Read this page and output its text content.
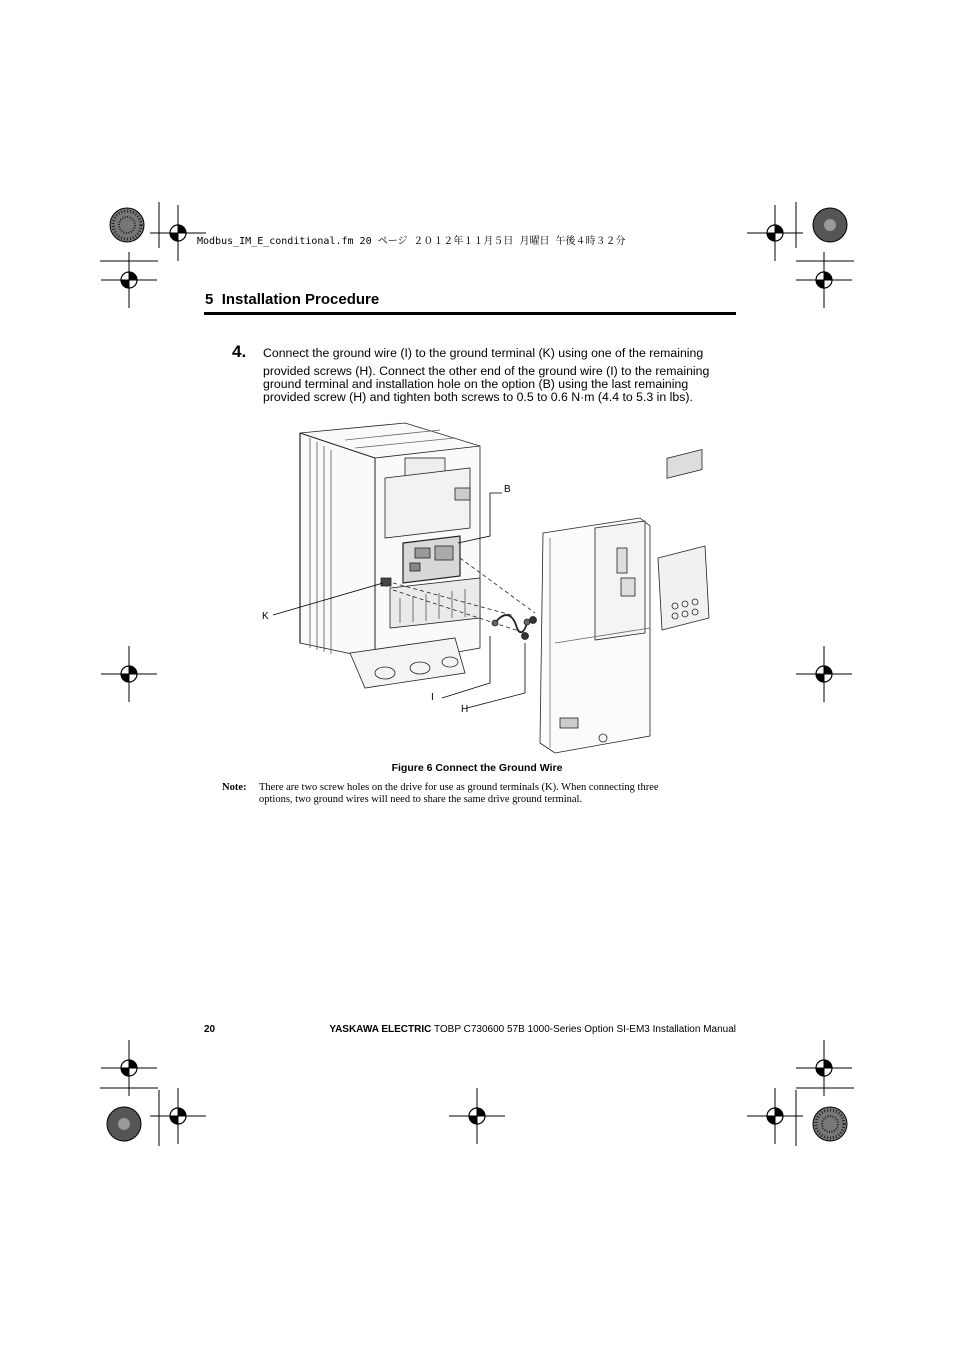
Modbus_IM_E_conditional.fm 20 ページ ２０１２年１１月５日 月曜日 午後４時３２分
5 Installation Procedure
4. Connect the ground wire (I) to the ground terminal (K) using one of the remaining
provided screws (H). Connect the other end of the ground wire (I) to the remaining
ground terminal and installation hole on the option (B) using the last remaining
provided screw (H) and tighten both screws to 0.5 to 0.6 N·m (4.4 to 5.3 in lbs).
B
K
I
H
Figure 6 Connect the Ground Wire
Note: There are two screw holes on the drive for use as ground terminals (K). When connecting three
options, two ground wires will need to share the same drive ground terminal.
20	YASKAWA ELECTRIC TOBP C730600 57B 1000-Series Option SI-EM3 Installation Manual
